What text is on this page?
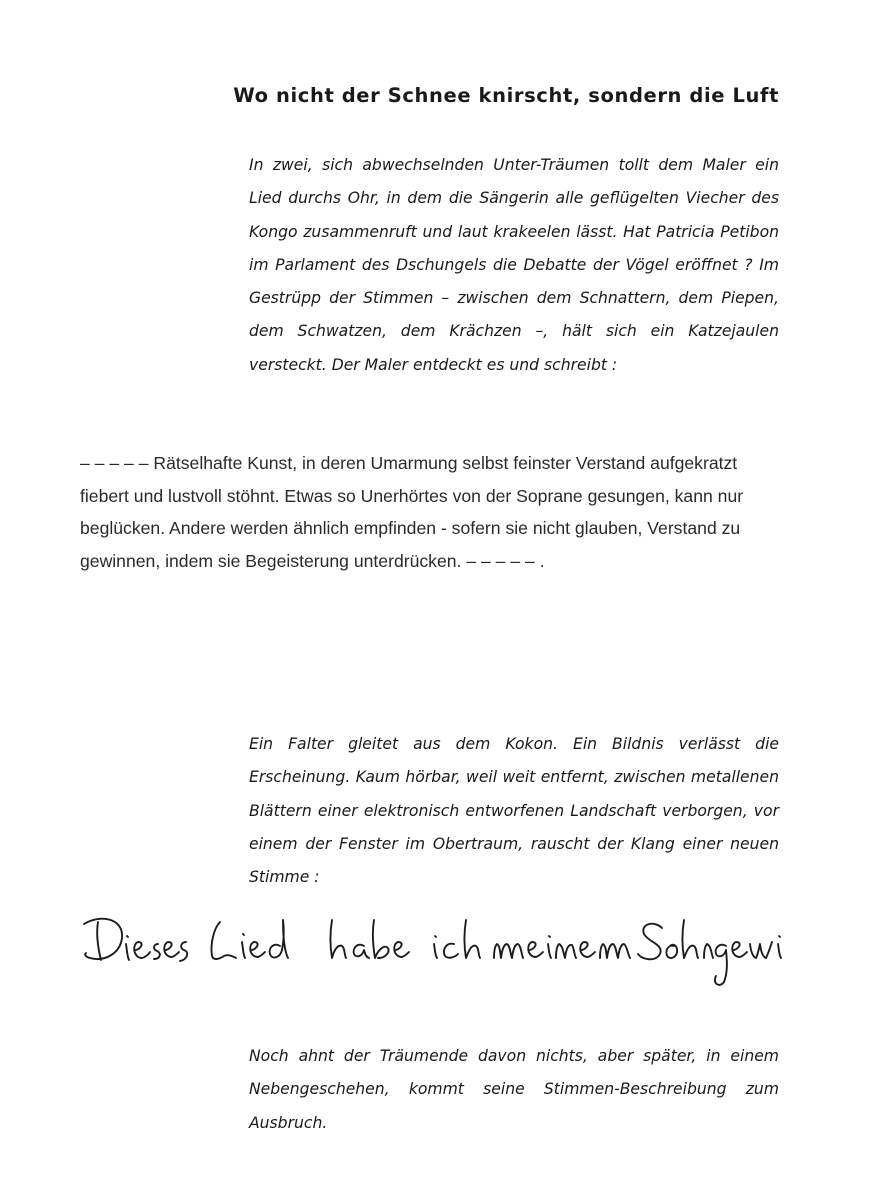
Wo nicht der Schnee knirscht, sondern die Luft

In zwei, sich abwechselnden Unter-Träumen tollt dem Maler ein Lied durchs Ohr, in dem die Sängerin alle geflügelten Viecher des Kongo zusammenruft und laut krakeelen lässt. Hat Patricia Petibon im Parlament des Dschungels die Debatte der Vögel eröffnet ? Im Gestrüpp der Stimmen – zwischen dem Schnattern, dem Piepen, dem Schwatzen, dem Krächzen –, hält sich ein Katzejaulen versteckt. Der Maler entdeckt es und schreibt :

– – – – – Rätselhafte Kunst, in deren Umarmung selbst feinster Verstand aufgekratzt fiebert und lustvoll stöhnt. Etwas so Unerhörtes von der Soprane gesungen, kann nur beglücken. Andere werden ähnlich empfinden - sofern sie nicht glauben, Verstand zu gewinnen, indem sie Begeisterung unterdrücken. – – – – – .

Ein Falter gleitet aus dem Kokon. Ein Bildnis verlässt die Erscheinung. Kaum hörbar, weil weit entfernt, zwischen metallenen Blättern einer elektronisch entworfenen Landschaft verborgen, vor einem der Fenster im Obertraum, rauscht der Klang einer neuen Stimme :

Noch ahnt der Träumende davon nichts, aber später, in einem Nebengeschehen, kommt seine Stimmen-Beschreibung zum Ausbruch.
